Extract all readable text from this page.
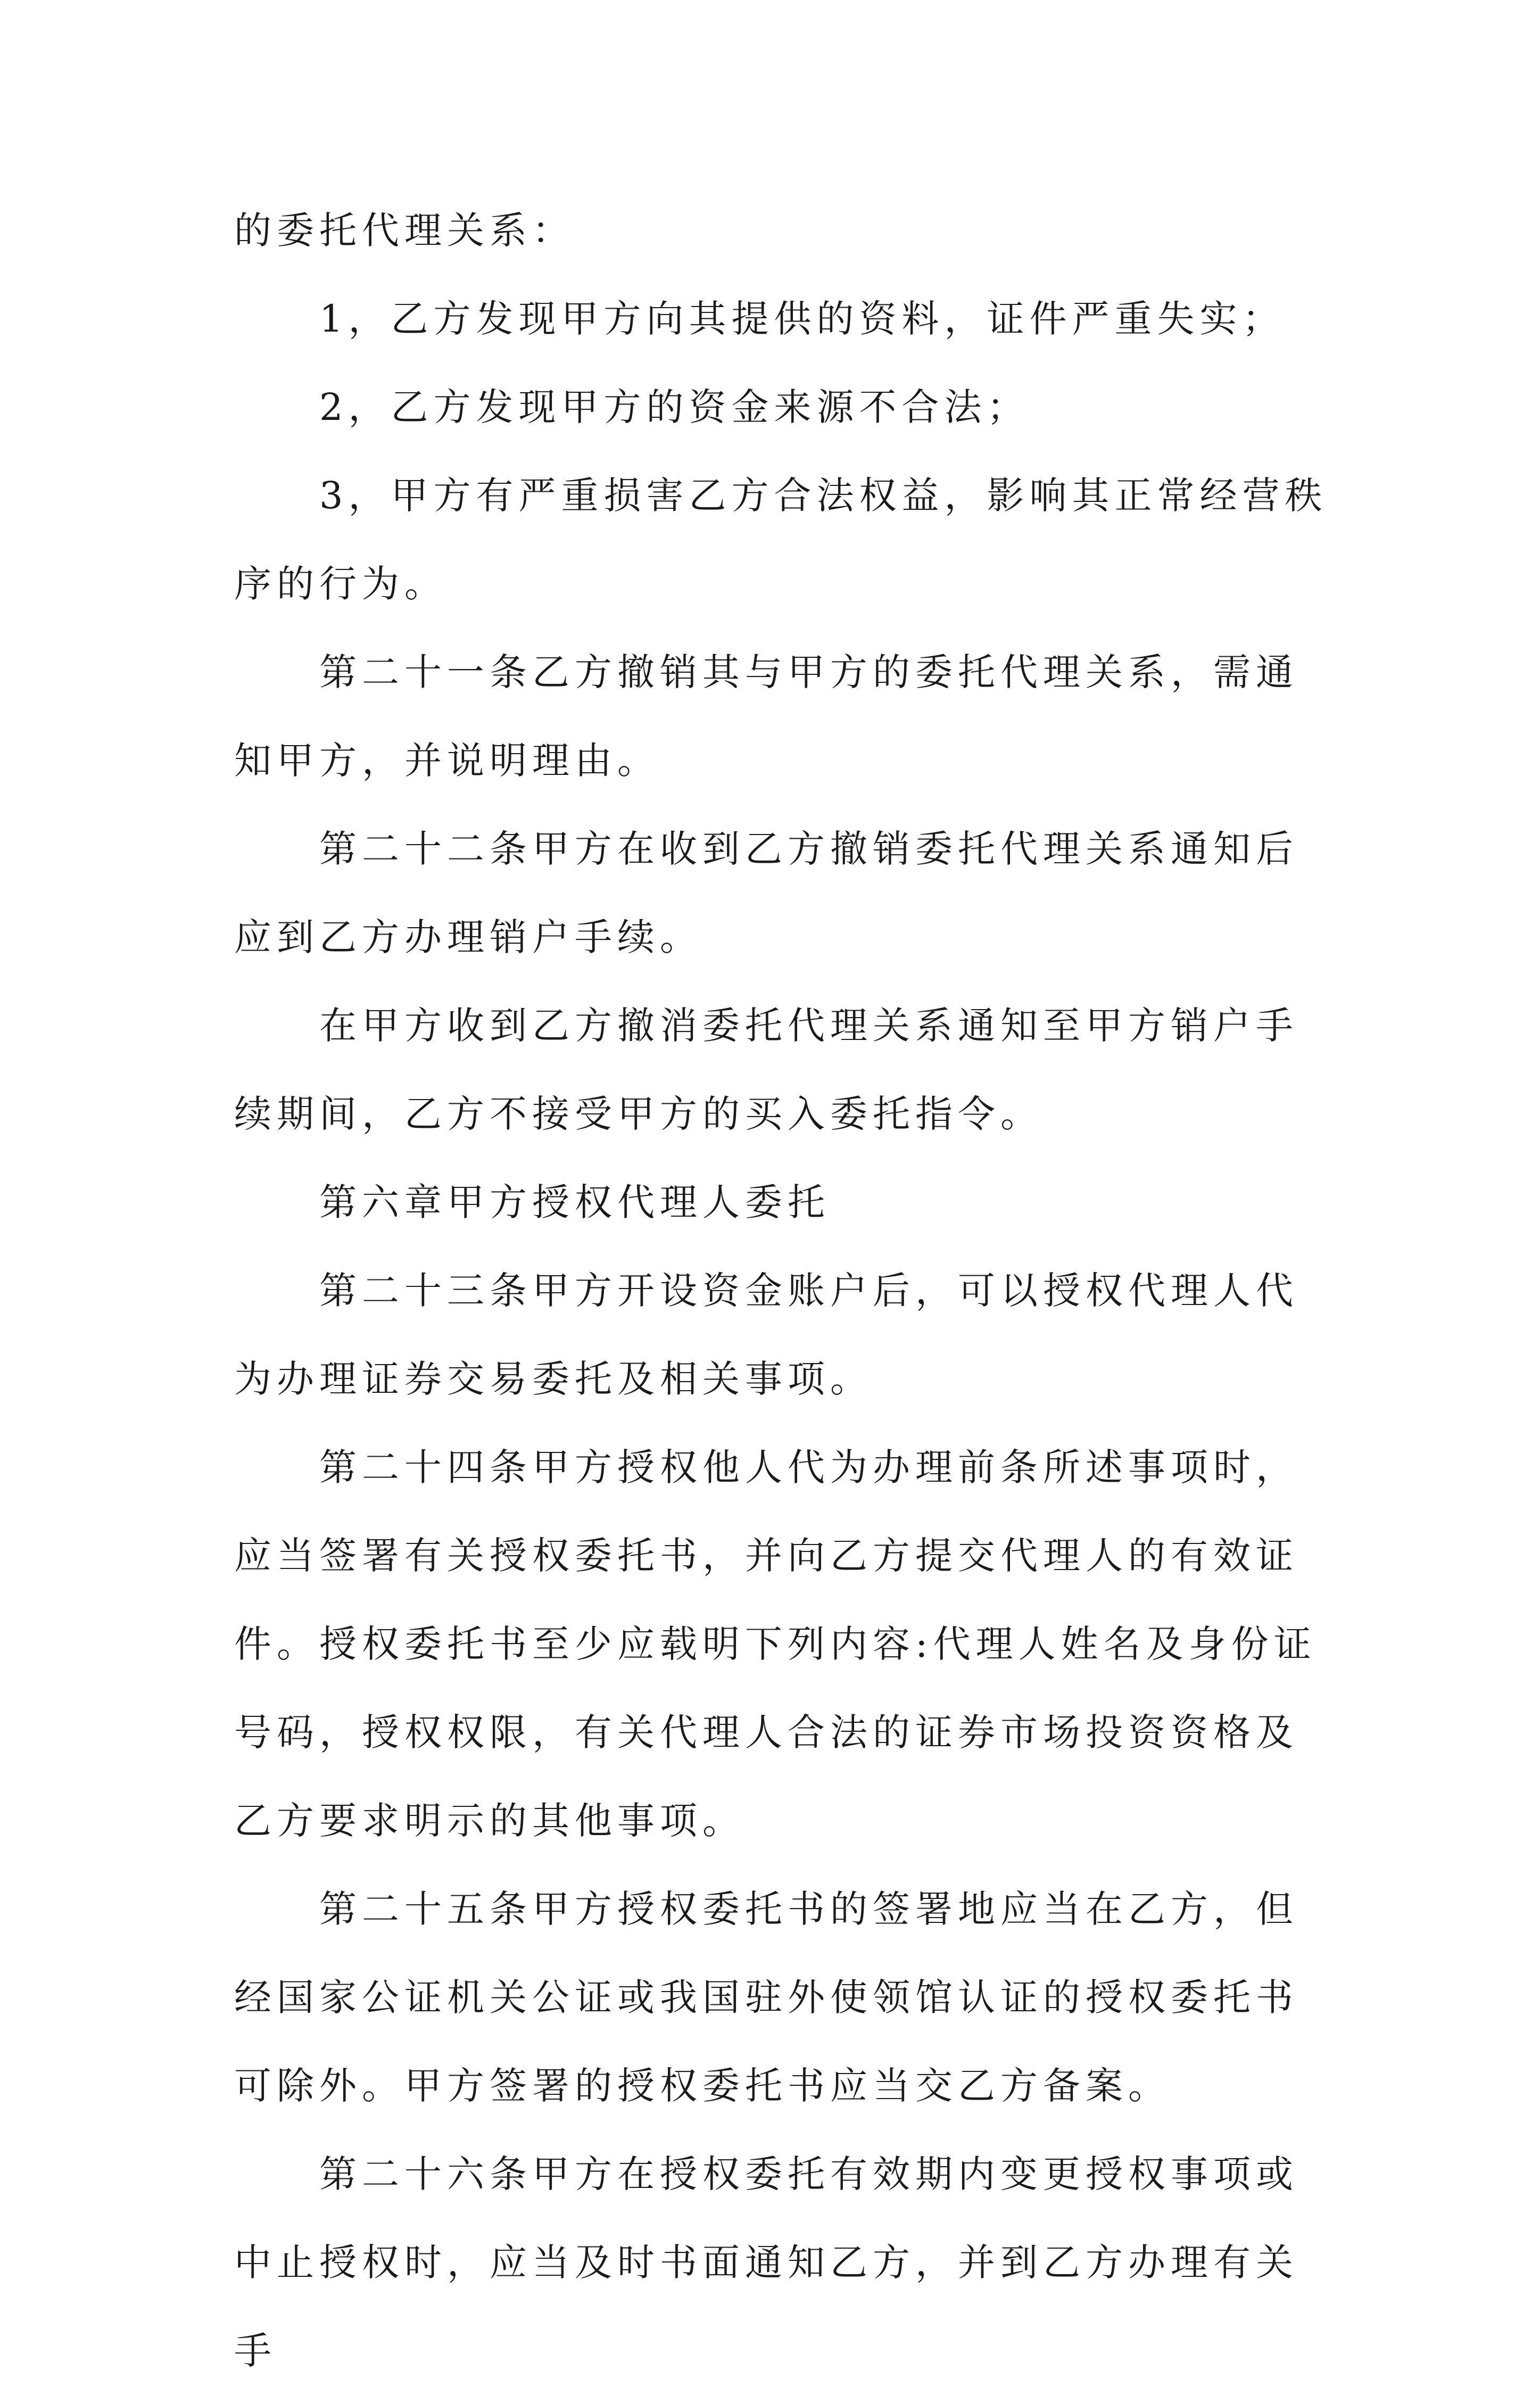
的委托代理关系：

1，乙方发现甲方向其提供的资料，证件严重失实；

2，乙方发现甲方的资金来源不合法；

3，甲方有严重损害乙方合法权益，影响其正常经营秩序的行为。

第二十一条乙方撤销其与甲方的委托代理关系，需通知甲方，并说明理由。

第二十二条甲方在收到乙方撤销委托代理关系通知后应到乙方办理销户手续。

在甲方收到乙方撤消委托代理关系通知至甲方销户手续期间，乙方不接受甲方的买入委托指令。

第六章甲方授权代理人委托

第二十三条甲方开设资金账户后，可以授权代理人代为办理证券交易委托及相关事项。

第二十四条甲方授权他人代为办理前条所述事项时，应当签署有关授权委托书，并向乙方提交代理人的有效证件。授权委托书至少应载明下列内容:代理人姓名及身份证号码，授权权限，有关代理人合法的证券市场投资资格及乙方要求明示的其他事项。

第二十五条甲方授权委托书的签署地应当在乙方，但经国家公证机关公证或我国驻外使领馆认证的授权委托书可除外。甲方签署的授权委托书应当交乙方备案。

第二十六条甲方在授权委托有效期内变更授权事项或中止授权时，应当及时书面通知乙方，并到乙方办理有关手
